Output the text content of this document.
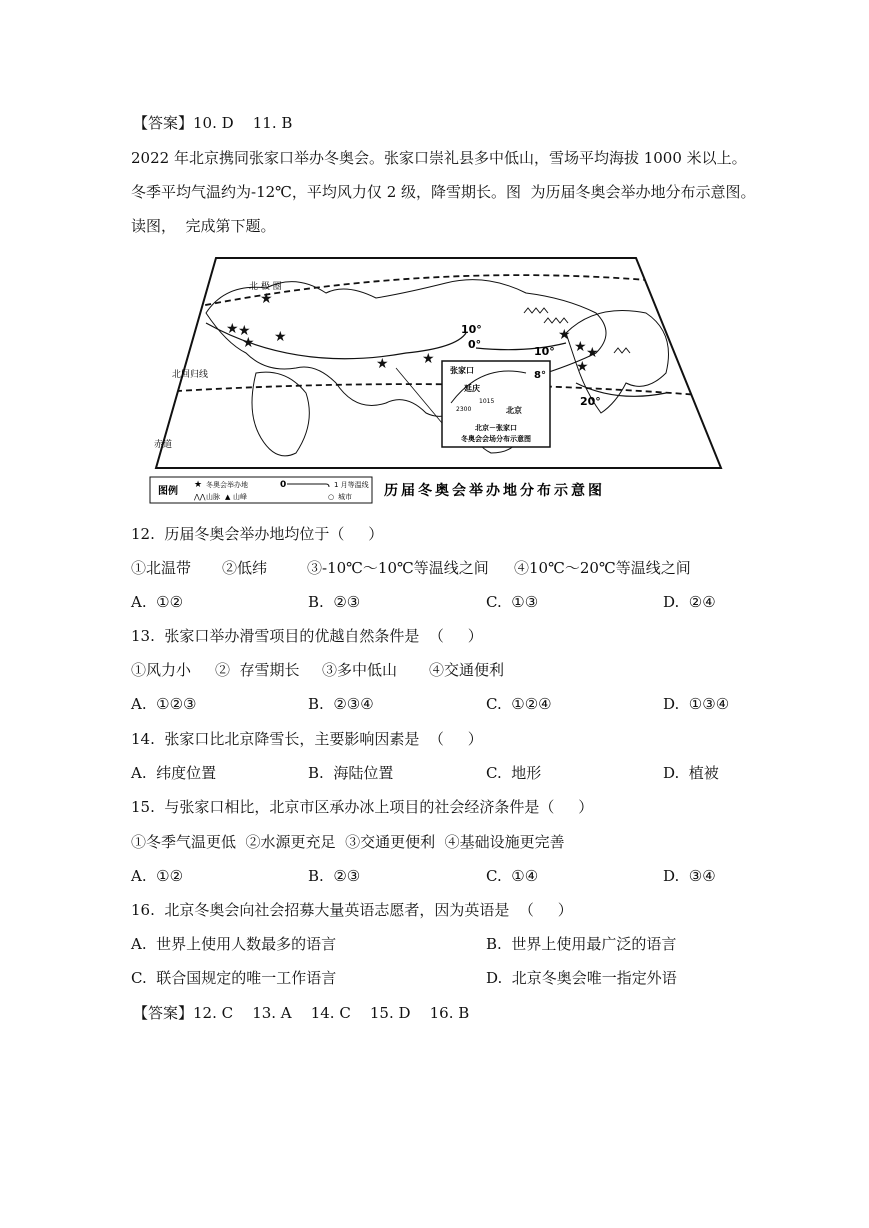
【答案】10. D    11. B
2022 年北京携同张家口举办冬奥会。张家口崇礼县多中低山，雪场平均海拔 1000 米以上。
冬季平均气温约为-12℃，平均风力仅 2 级，降雪期长。图  为历届冬奥会举办地分布示意图。
读图，  完成第下题。
北 极 圈
北回归线
赤道
10°
0°
10°
20°
★
★ ★
★ ★
★ ★
★
★ ★
★
张家口
延庆
北京
2300
1015
8°
北京－张家口
冬奥会会场分布示意图
图例
★ 冬奥会举办地
⋀⋀ 山脉 ▲ 山峰
0	1 月等温线
○ 城市 历届冬奥会举办地分布示意图
12.  历届冬奥会举办地均位于（     ）
①北温带 ②低纬	③-10℃～10℃等温线之间 ④10℃～20℃等温线之间
A.  ①②	B.  ②③	C.  ①③	D.  ②④
13.  张家口举办滑雪项目的优越自然条件是  （     ）
①风力小 ②  存雪期长 ③多中低山 ④交通便利
A.  ①②③	B.  ②③④	C.  ①②④	D.  ①③④
14.  张家口比北京降雪长，主要影响因素是  （     ）
A.  纬度位置	B.  海陆位置	C.  地形	D.  植被
15.  与张家口相比，北京市区承办冰上项目的社会经济条件是（     ）
①冬季气温更低  ②水源更充足  ③交通更便利  ④基础设施更完善
A.  ①②	B.  ②③	C.  ①④	D.  ③④
16.  北京冬奥会向社会招募大量英语志愿者，因为英语是  （     ）
A.  世界上使用人数最多的语言	B.  世界上使用最广泛的语言
C.  联合国规定的唯一工作语言	D.  北京冬奥会唯一指定外语
【答案】12. C    13. A    14. C    15. D    16. B
